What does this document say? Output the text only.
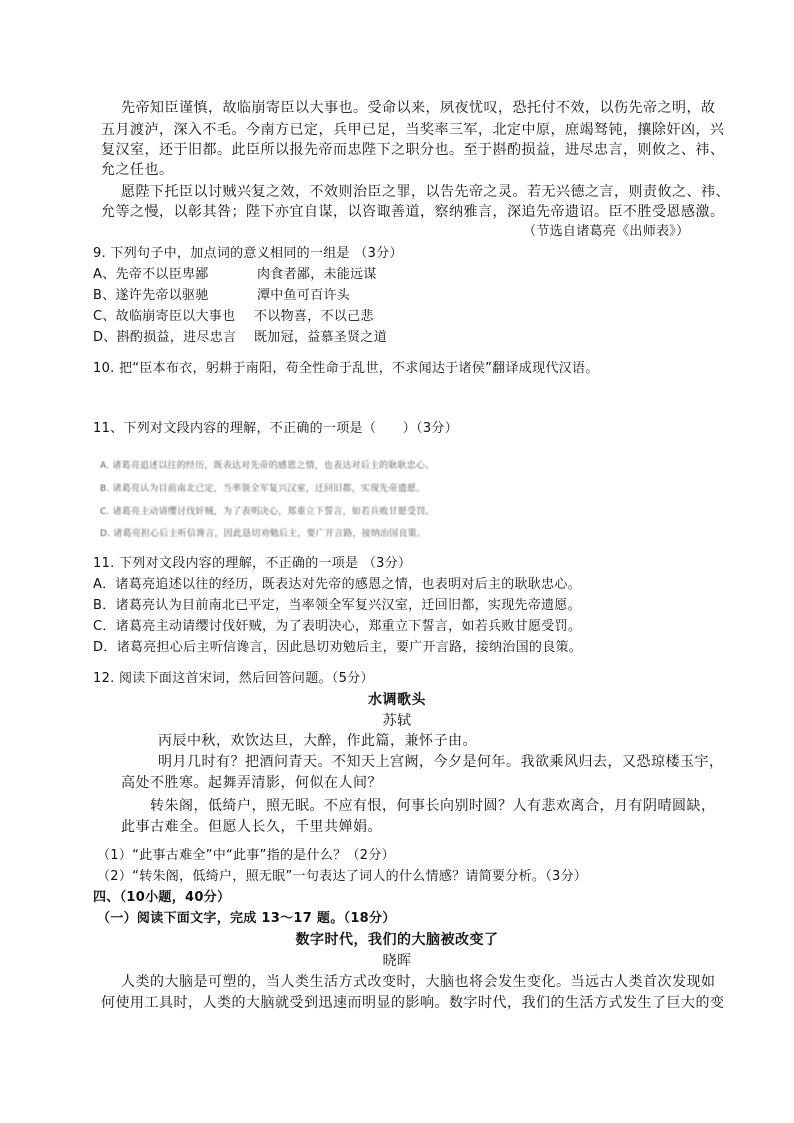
先帝知臣谨慎，故临崩寄臣以大事也。受命以来，夙夜忧叹，恐托付不效，以伤先帝之明，故
五月渡泸，深入不毛。今南方已定，兵甲已足，当奖率三军，北定中原，庶竭驽钝，攘除奸凶，兴
复汉室，还于旧都。此臣所以报先帝而忠陛下之职分也。至于斟酌损益，进尽忠言，则攸之、祎、
允之任也。
愿陛下托臣以讨贼兴复之效，不效则治臣之罪，以告先帝之灵。若无兴德之言，则责攸之、祎、
允等之慢，以彰其咎；陛下亦宜自谋，以咨诹善道，察纳雅言，深追先帝遗诏。臣不胜受恩感激。
（节选自诸葛亮《出师表》）
9. 下列句子中，加点词的意义相同的一组是 （3分）
A、先帝不以臣卑鄙	肉食者鄙，未能远谋
B、遂许先帝以驱驰	潭中鱼可百许头
C、故临崩寄臣以大事也 不以物喜，不以己悲
D、斟酌损益，进尽忠言 既加冠，益慕圣贤之道
10. 把“臣本布衣，躬耕于南阳，苟全性命于乱世，不求闻达于诸侯”翻译成现代汉语。
11、下列对文段内容的理解，不正确的一项是（　　）（3分）
A. 诸葛亮追述以往的经历，既表达对先帝的感恩之情，也表达对后主的耿耿忠心。
B. 诸葛亮认为目前南北已定，当率领全军复兴汉室，迁回旧都，实现先帝遗愿。
C. 诸葛亮主动请缨讨伐奸贼，为了表明决心，郑重立下誓言，如若兵败甘愿受罚。
D. 诸葛亮担心后主听信谗言，因此恳切劝勉后主，要广开言路，接纳治国良策。
11. 下列对文段内容的理解，不正确的一项是 （3分）
A．诸葛亮追述以往的经历，既表达对先帝的感恩之情，也表明对后主的耿耿忠心。
B．诸葛亮认为目前南北已平定，当率领全军复兴汉室，迁回旧都，实现先帝遗愿。
C．诸葛亮主动请缨讨伐奸贼，为了表明决心，郑重立下誓言，如若兵败甘愿受罚。
D．诸葛亮担心后主听信谗言，因此恳切劝勉后主，要广开言路，接纳治国的良策。
12. 阅读下面这首宋词，然后回答问题。（5分）
水调歌头
苏轼
丙辰中秋，欢饮达旦，大醉，作此篇，兼怀子由。
明月几时有？把酒问青天。不知天上宫阙，今夕是何年。我欲乘风归去，又恐琼楼玉宇，
高处不胜寒。起舞弄清影，何似在人间？
转朱阁，低绮户，照无眠。不应有恨，何事长向别时圆？人有悲欢离合，月有阴晴圆缺，
此事古难全。但愿人长久，千里共婵娟。
（1）“此事古难全”中“此事”指的是什么？（2分）
（2）“转朱阁，低绮户，照无眠”一句表达了词人的什么情感？请简要分析。（3分）
四、（10小题，40分）
（一）阅读下面文字，完成 13～17 题。（18分）
数字时代，我们的大脑被改变了
晓晖
人类的大脑是可塑的，当人类生活方式改变时，大脑也将会发生变化。当远古人类首次发现如
何使用工具时，人类的大脑就受到迅速而明显的影响。数字时代，我们的生活方式发生了巨大的变
